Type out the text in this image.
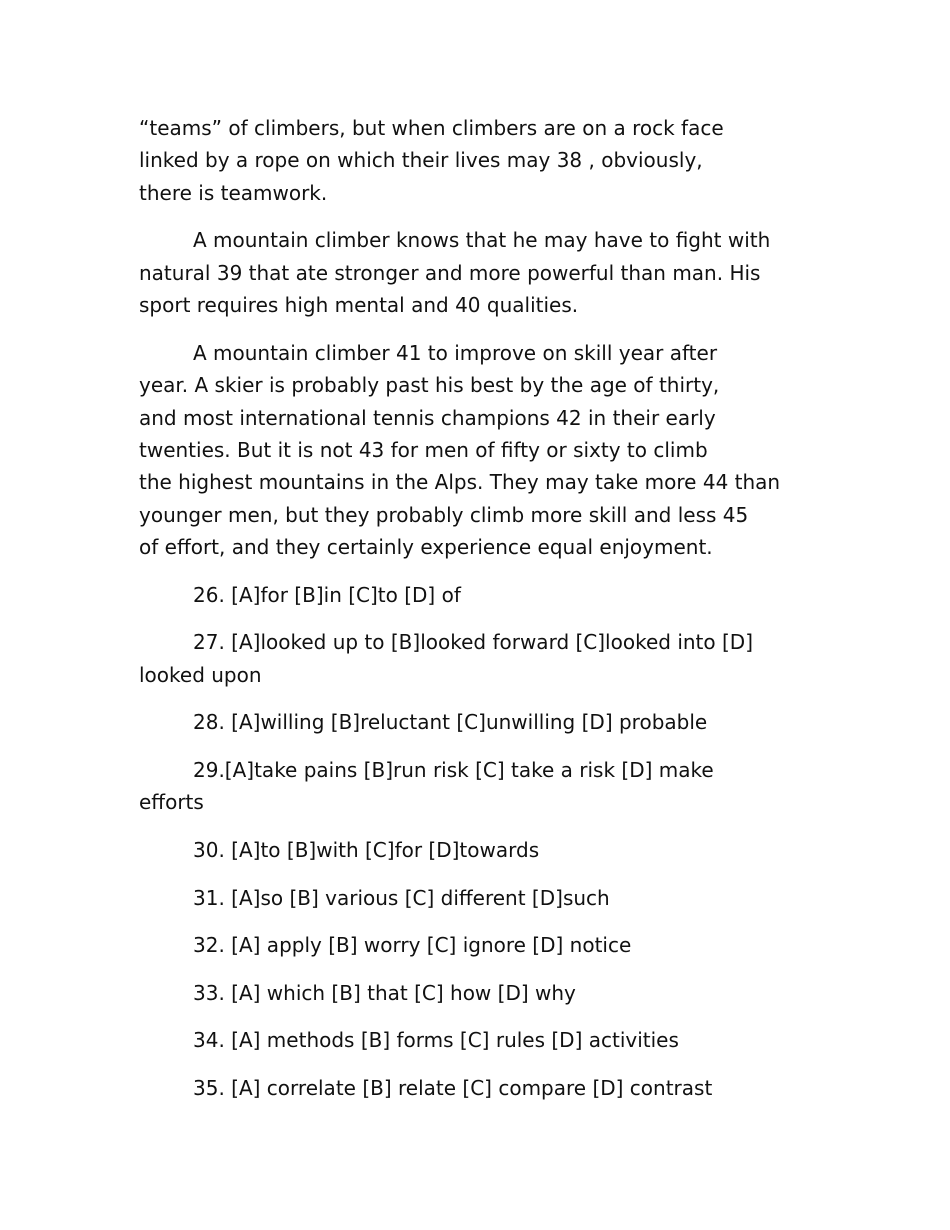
“teams” of climbers, but when climbers are on a rock face
linked by a rope on which their lives may 38 , obviously,
there is teamwork.

A mountain climber knows that he may have to fight with
natural 39 that ate stronger and more powerful than man. His
sport requires high mental and 40 qualities.

A mountain climber 41 to improve on skill year after
year. A skier is probably past his best by the age of thirty,
and most international tennis champions 42 in their early
twenties. But it is not 43 for men of fifty or sixty to climb
the highest mountains in the Alps. They may take more 44 than
younger men, but they probably climb more skill and less 45
of effort, and they certainly experience equal enjoyment.

26. [A]for [B]in [C]to [D] of

27. [A]looked up to [B]looked forward [C]looked into [D]
looked upon

28. [A]willing [B]reluctant [C]unwilling [D] probable

29.[A]take pains [B]run risk [C] take a risk [D] make
efforts

30. [A]to [B]with [C]for [D]towards

31. [A]so [B] various [C] different [D]such

32. [A] apply [B] worry [C] ignore [D] notice

33. [A] which [B] that [C] how [D] why

34. [A] methods [B] forms [C] rules [D] activities

35. [A] correlate [B] relate [C] compare [D] contrast
